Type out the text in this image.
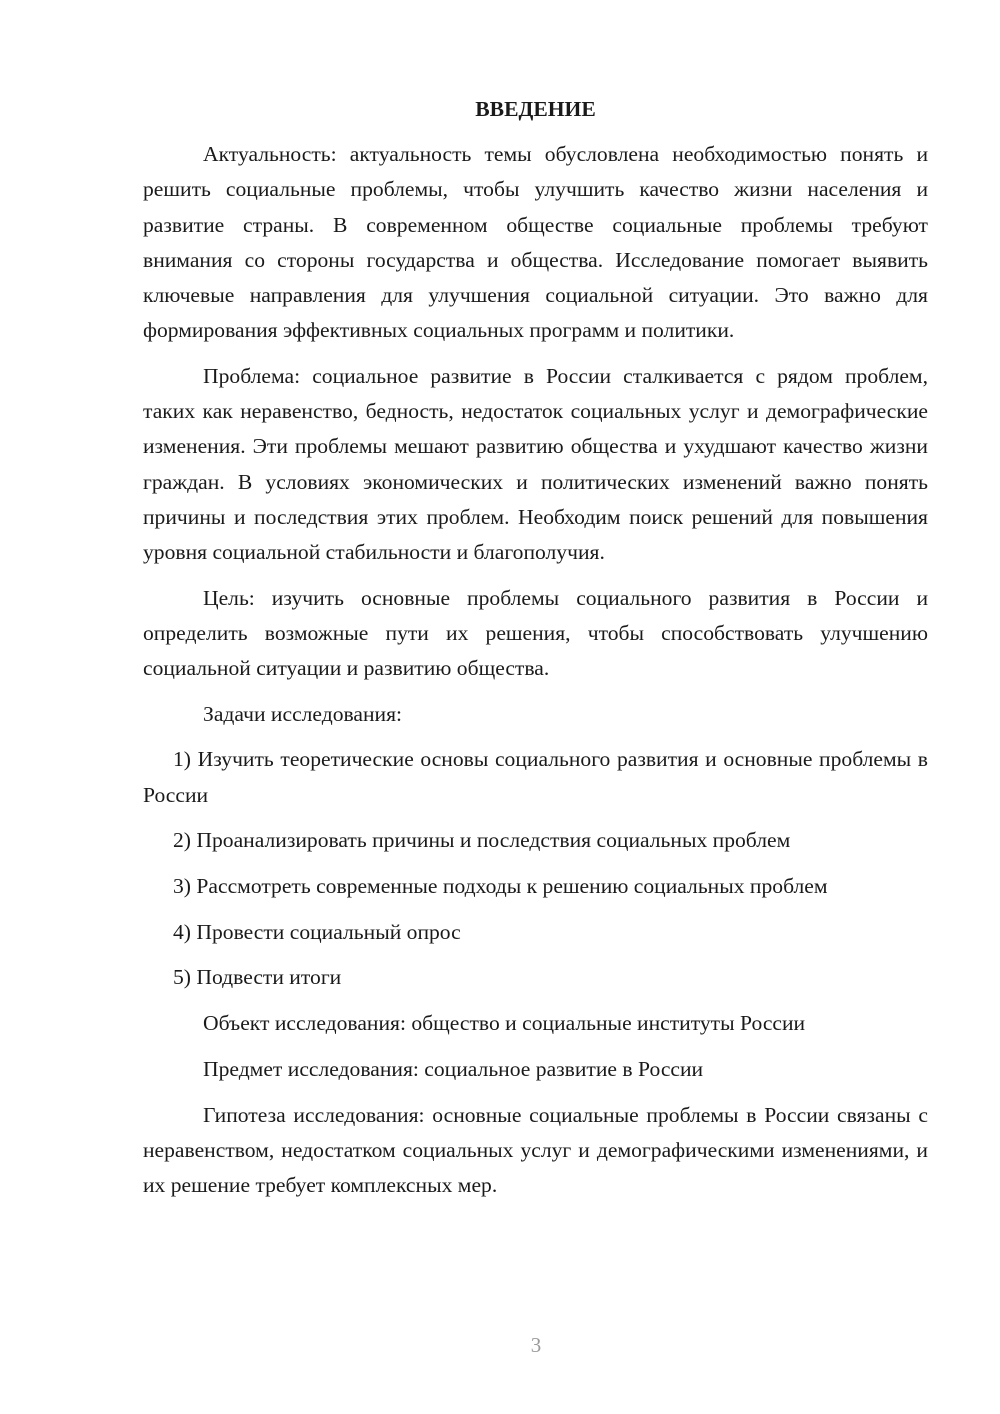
ВВЕДЕНИЕ

Актуальность: актуальность темы обусловлена необходимостью понять и решить социальные проблемы, чтобы улучшить качество жизни населения и развитие страны. В современном обществе социальные проблемы требуют внимания со стороны государства и общества. Исследование помогает выявить ключевые направления для улучшения социальной ситуации. Это важно для формирования эффективных социальных программ и политики.

Проблема: социальное развитие в России сталкивается с рядом проблем, таких как неравенство, бедность, недостаток социальных услуг и демографические изменения. Эти проблемы мешают развитию общества и ухудшают качество жизни граждан. В условиях экономических и политических изменений важно понять причины и последствия этих проблем. Необходим поиск решений для повышения уровня социальной стабильности и благополучия.

Цель: изучить основные проблемы социального развития в России и определить возможные пути их решения, чтобы способствовать улучшению социальной ситуации и развитию общества.

Задачи исследования:

1) Изучить теоретические основы социального развития и основные проблемы в России

2) Проанализировать причины и последствия социальных проблем

3) Рассмотреть современные подходы к решению социальных проблем

4) Провести социальный опрос

5) Подвести итоги

Объект исследования: общество и социальные институты России

Предмет исследования: социальное развитие в России

Гипотеза исследования: основные социальные проблемы в России связаны с неравенством, недостатком социальных услуг и демографическими изменениями, и их решение требует комплексных мер.

3
